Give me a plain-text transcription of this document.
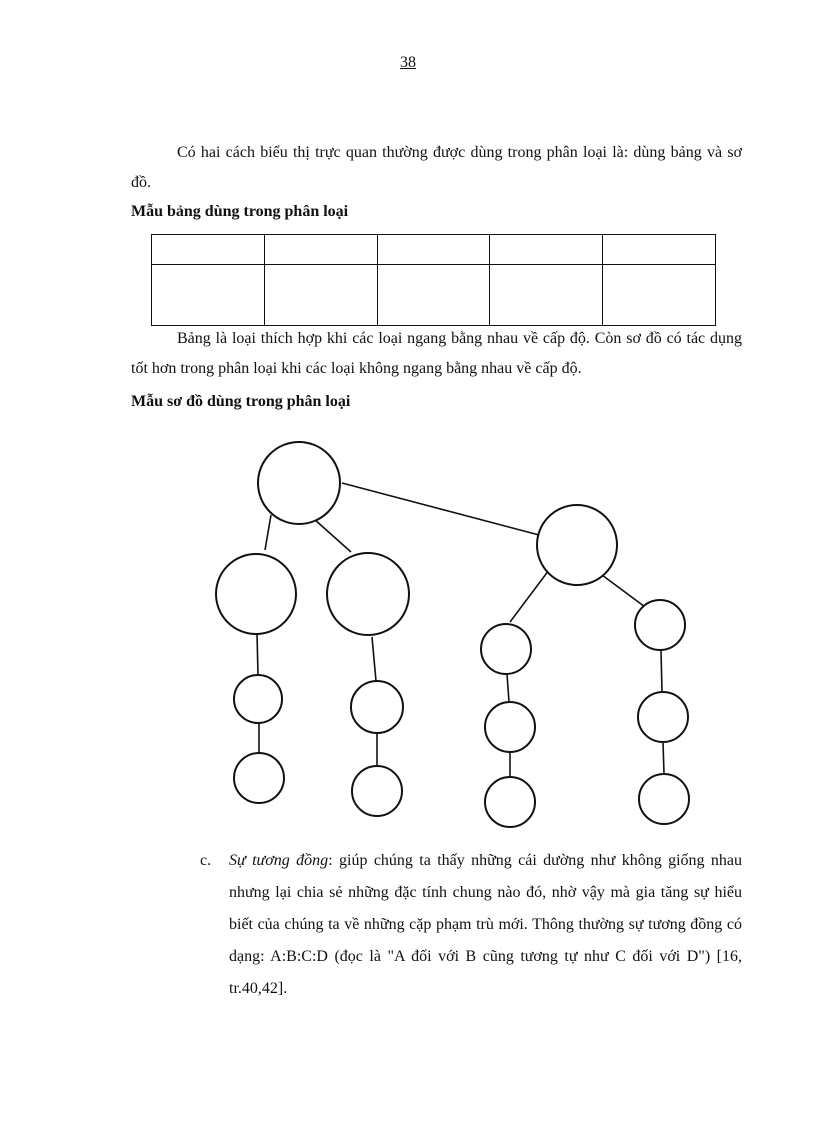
38

Có hai cách biểu thị trực quan thường được dùng trong phân loại là: dùng bảng và sơ đồ.

Mẫu bảng dùng trong phân loại

Bảng là loại thích hợp khi các loại ngang bằng nhau về cấp độ. Còn sơ đồ có tác dụng tốt hơn trong phân loại khi các loại không ngang bằng nhau về cấp độ.

Mẫu sơ đồ dùng trong phân loại

c. Sự tương đồng: giúp chúng ta thấy những cái dường như không giống nhau nhưng lại chia sẻ những đặc tính chung nào đó, nhờ vậy mà gia tăng sự hiểu biết của chúng ta về những cặp phạm trù mới. Thông thường sự tương đồng có dạng: A:B:C:D (đọc là "A đối với B cũng tương tự như C đối với D") [16, tr.40,42].
